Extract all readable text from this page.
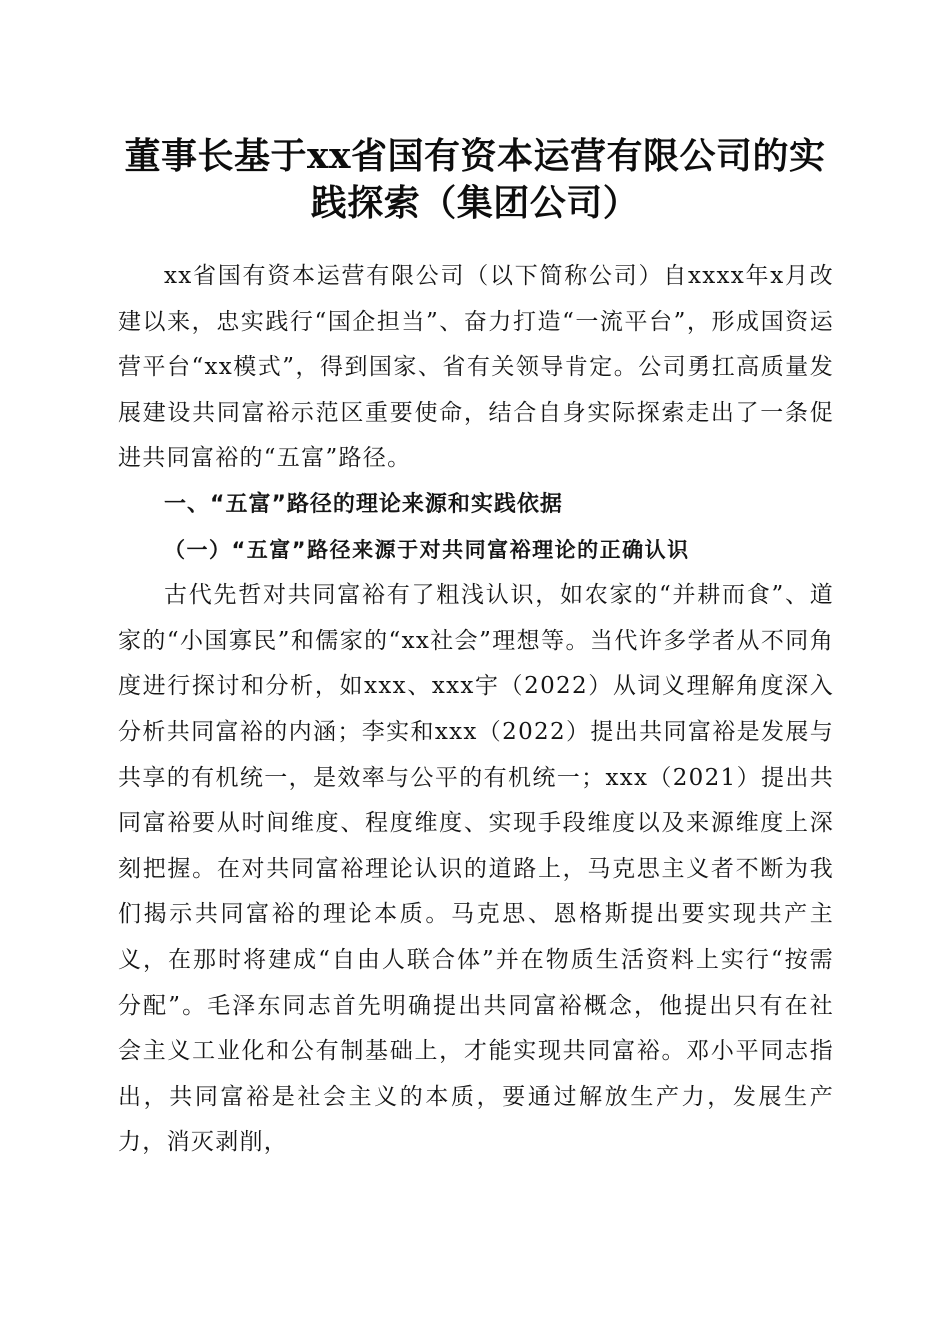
董事长基于xx省国有资本运营有限公司的实
践探索（集团公司）

xx省国有资本运营有限公司（以下简称公司）自xxxx年x月改建以来，忠实践行“国企担当”、奋力打造“一流平台”，形成国资运营平台“xx模式”，得到国家、省有关领导肯定。公司勇扛高质量发展建设共同富裕示范区重要使命，结合自身实际探索走出了一条促进共同富裕的“五富”路径。

一、“五富”路径的理论来源和实践依据

（一）“五富”路径来源于对共同富裕理论的正确认识

古代先哲对共同富裕有了粗浅认识，如农家的“并耕而食”、道家的“小国寡民”和儒家的“xx社会”理想等。当代许多学者从不同角度进行探讨和分析，如xxx、xxx宇（2022）从词义理解角度深入分析共同富裕的内涵；李实和xxx（2022）提出共同富裕是发展与共享的有机统一，是效率与公平的有机统一；xxx（2021）提出共同富裕要从时间维度、程度维度、实现手段维度以及来源维度上深刻把握。在对共同富裕理论认识的道路上，马克思主义者不断为我们揭示共同富裕的理论本质。马克思、恩格斯提出要实现共产主义，在那时将建成“自由人联合体”并在物质生活资料上实行“按需分配”。毛泽东同志首先明确提出共同富裕概念，他提出只有在社会主义工业化和公有制基础上，才能实现共同富裕。邓小平同志指出，共同富裕是社会主义的本质，要通过解放生产力，发展生产力，消灭剥削，
